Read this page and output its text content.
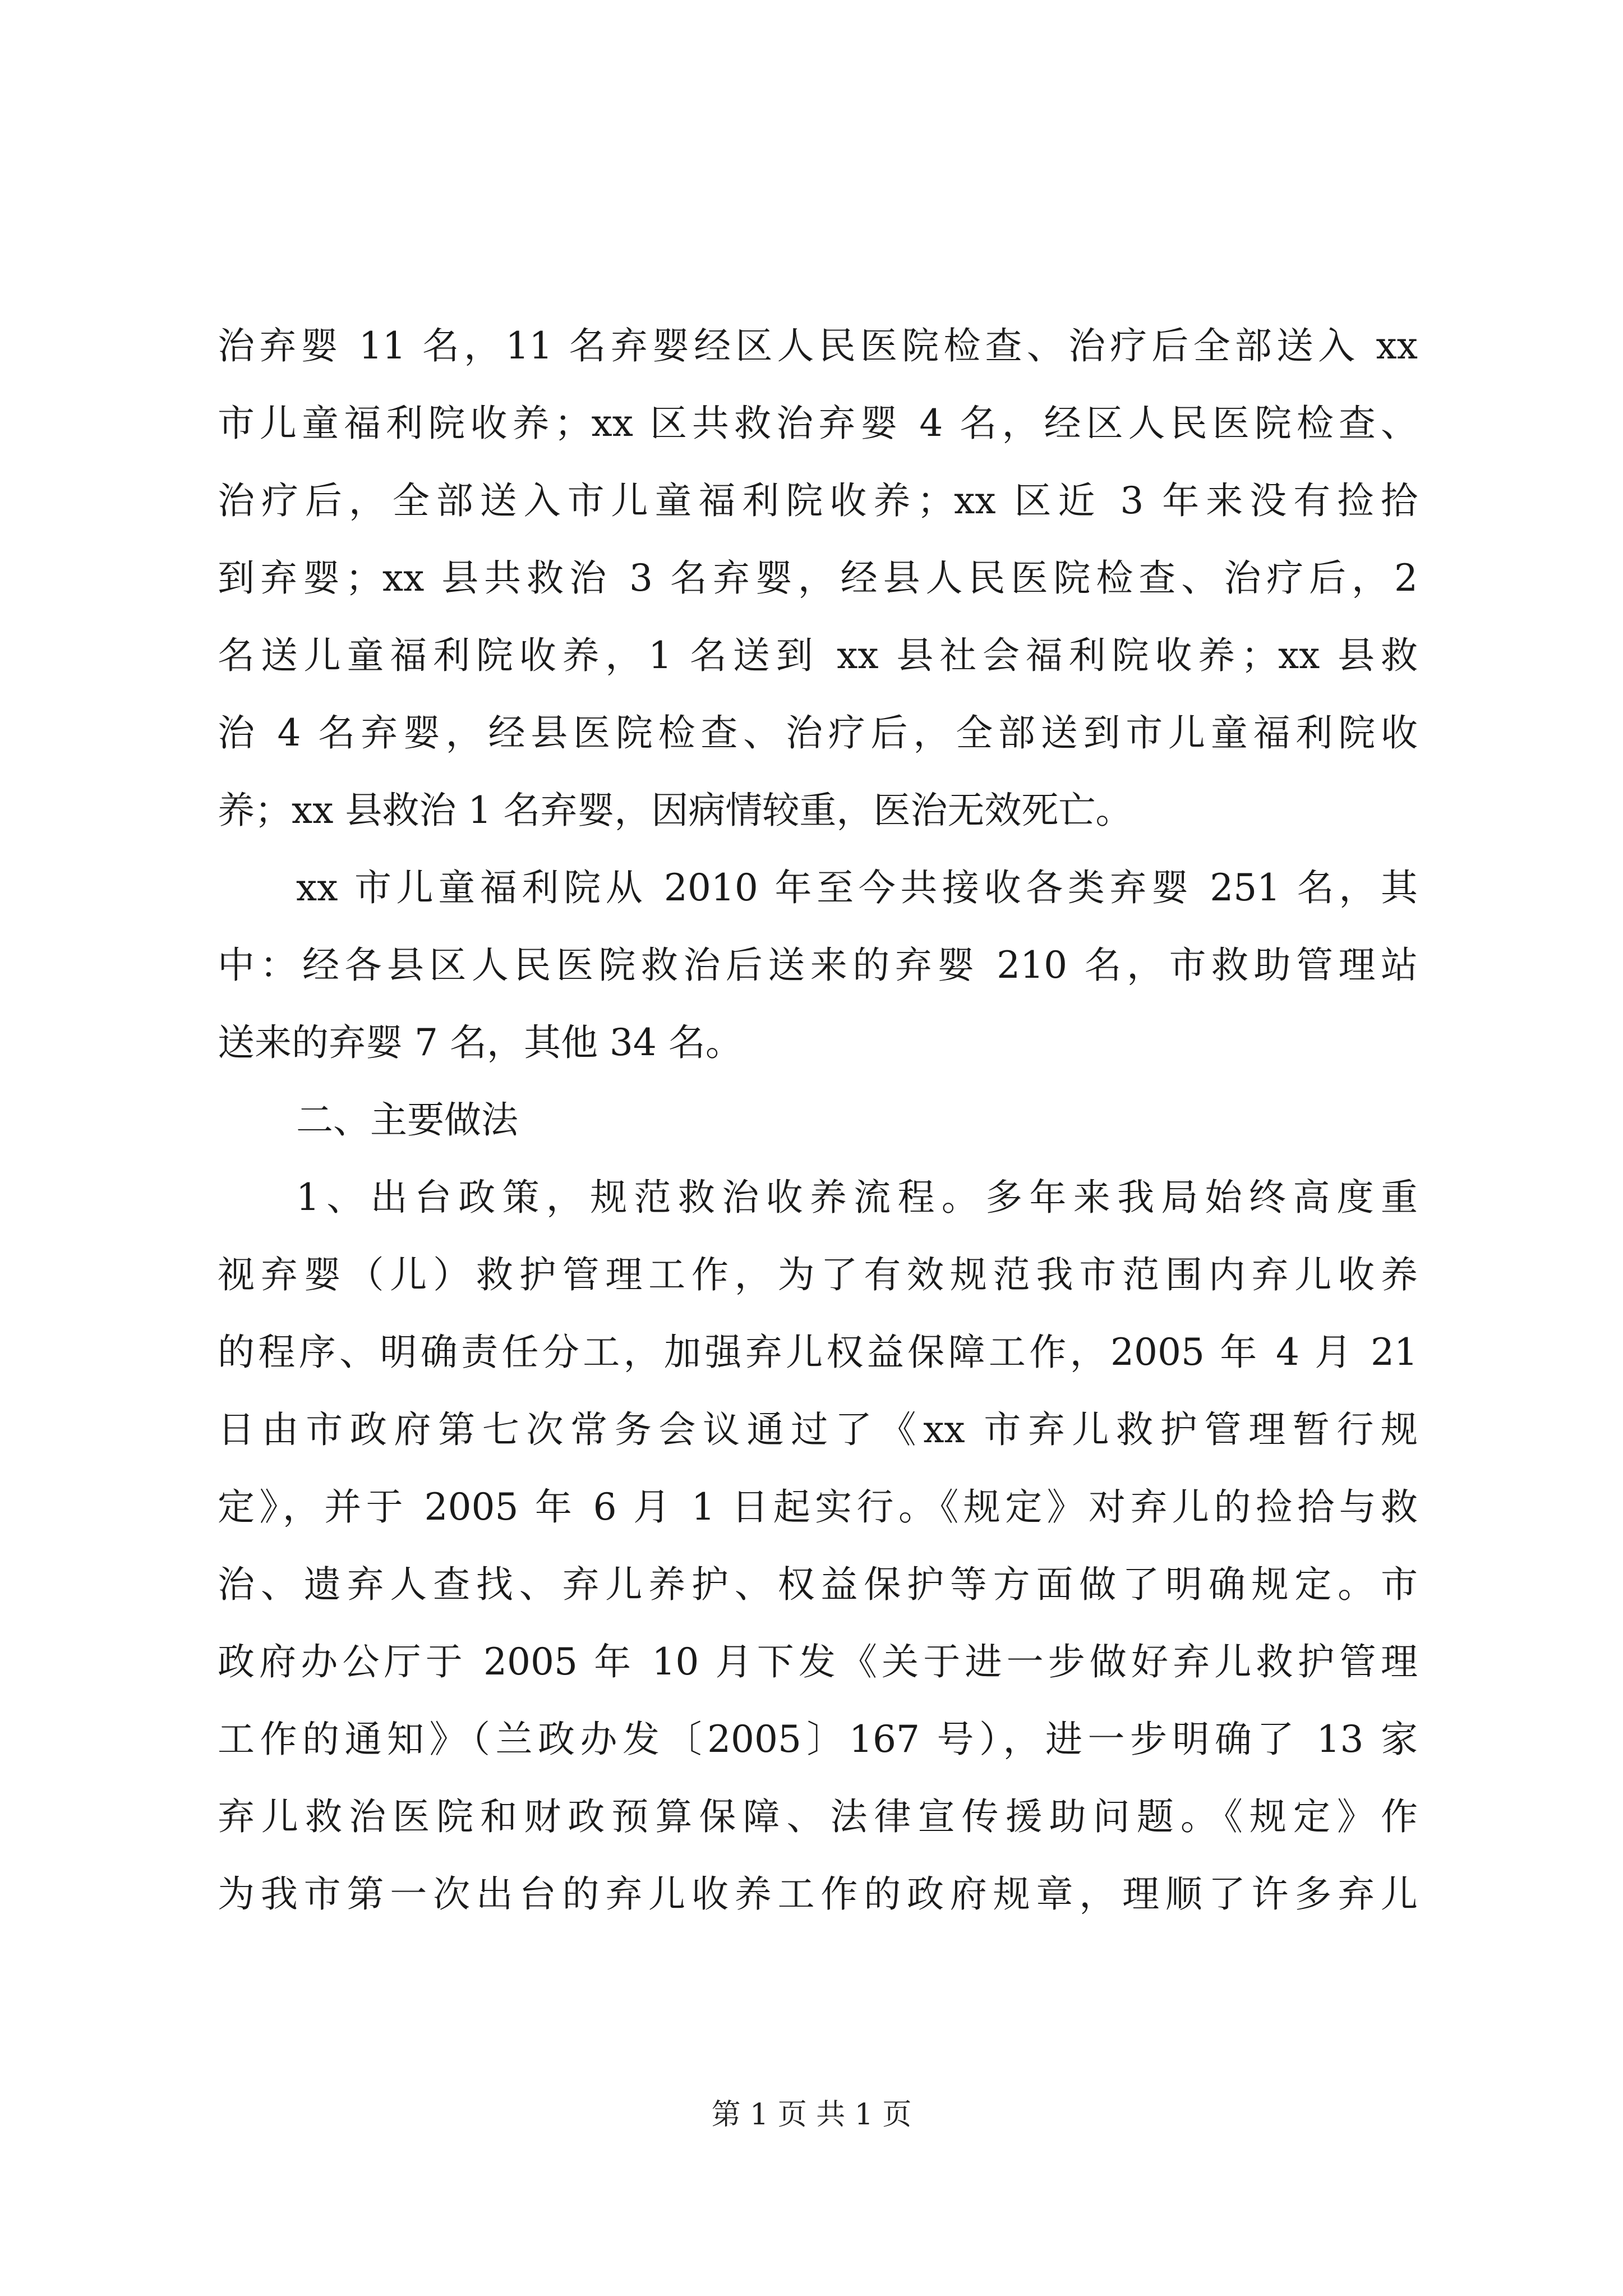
治弃婴 11 名，11 名弃婴经区人民医院检查、治疗后全部送入 xx
市儿童福利院收养；xx 区共救治弃婴 4 名，经区人民医院检查、
治疗后，全部送入市儿童福利院收养；xx 区近 3 年来没有捡拾
到弃婴；xx 县共救治 3 名弃婴，经县人民医院检查、治疗后，2
名送儿童福利院收养，1 名送到 xx 县社会福利院收养；xx 县救
治 4 名弃婴，经县医院检查、治疗后，全部送到市儿童福利院收
养；xx 县救治 1 名弃婴，因病情较重，医治无效死亡。
xx 市儿童福利院从 2010 年至今共接收各类弃婴 251 名，其
中：经各县区人民医院救治后送来的弃婴 210 名，市救助管理站
送来的弃婴 7 名，其他 34 名。
二、主要做法
1、出台政策，规范救治收养流程。多年来我局始终高度重
视弃婴（儿）救护管理工作，为了有效规范我市范围内弃儿收养
的程序、明确责任分工，加强弃儿权益保障工作，2005 年 4 月 21
日由市政府第七次常务会议通过了《xx 市弃儿救护管理暂行规
定》，并于 2005 年 6 月 1 日起实行。《规定》对弃儿的捡拾与救
治、遗弃人查找、弃儿养护、权益保护等方面做了明确规定。市
政府办公厅于 2005 年 10 月下发《关于进一步做好弃儿救护管理
工作的通知》（兰政办发〔2005〕167 号），进一步明确了 13 家
弃儿救治医院和财政预算保障、法律宣传援助问题。《规定》作
为我市第一次出台的弃儿收养工作的政府规章，理顺了许多弃儿
第 1 页 共 1 页
